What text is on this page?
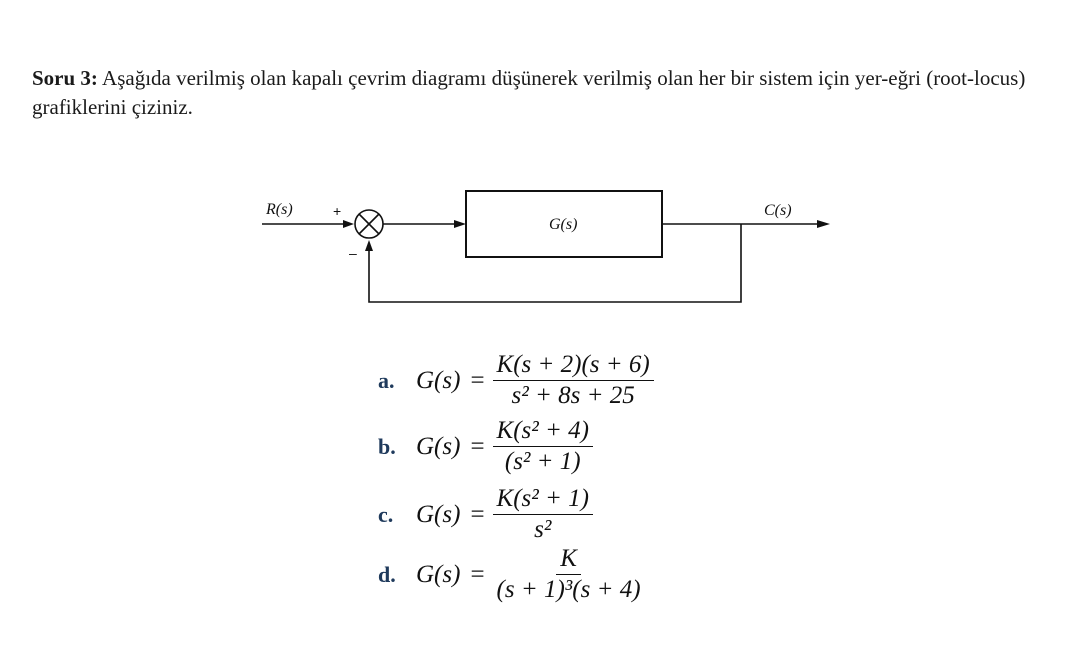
Soru 3: Aşağıda verilmiş olan kapalı çevrim diagramı düşünerek verilmiş olan her bir sistem için yer-eğri (root-locus) grafiklerini çiziniz.

R(s)	C(s)
G(s)
+
–
a. $G(s) = \frac{K(s + 2)(s + 6)}{\text{s² + 8s + 25}}$
b. $G(s) = \frac{\text{K(s² + 4)}}{\text{(s² + 1)}}$
c. $G(s) = \frac{\text{K(s² + 1)}}{\text{s²}}$
d. $G(s) = \frac{K}{\text{(s + 1)³(s + 4)}}$
